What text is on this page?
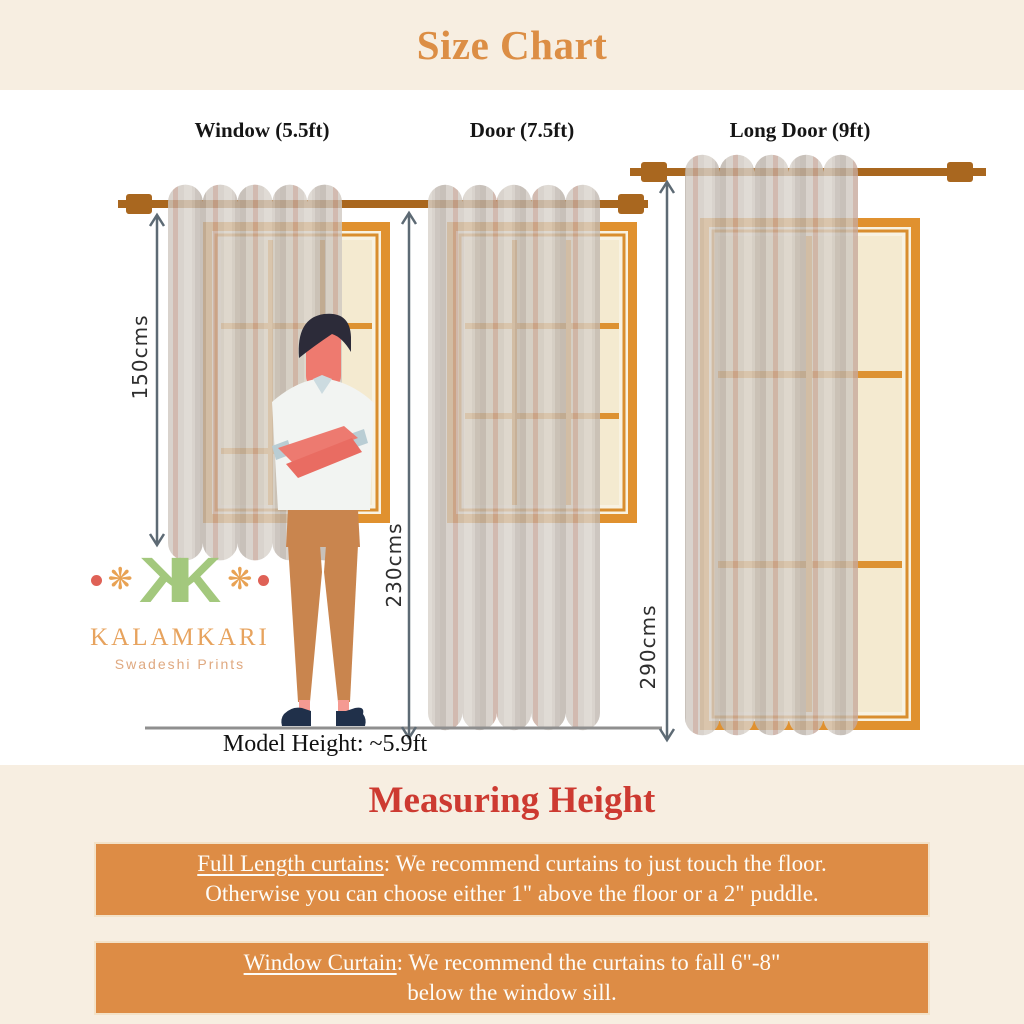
Size Chart
Window (5.5ft)	Door (7.5ft)	Long Door (9ft)
150cms
230cms
290cms
Model Height: ~5.9ft
❋ K
K ❋
KALAMKARI
Swadeshi Prints
Measuring Height
Full Length curtains: We recommend curtains to just touch the floor.
Otherwise you can choose either 1" above the floor or a 2" puddle.
Window Curtain: We recommend the curtains to fall 6"-8"
below the window sill.
